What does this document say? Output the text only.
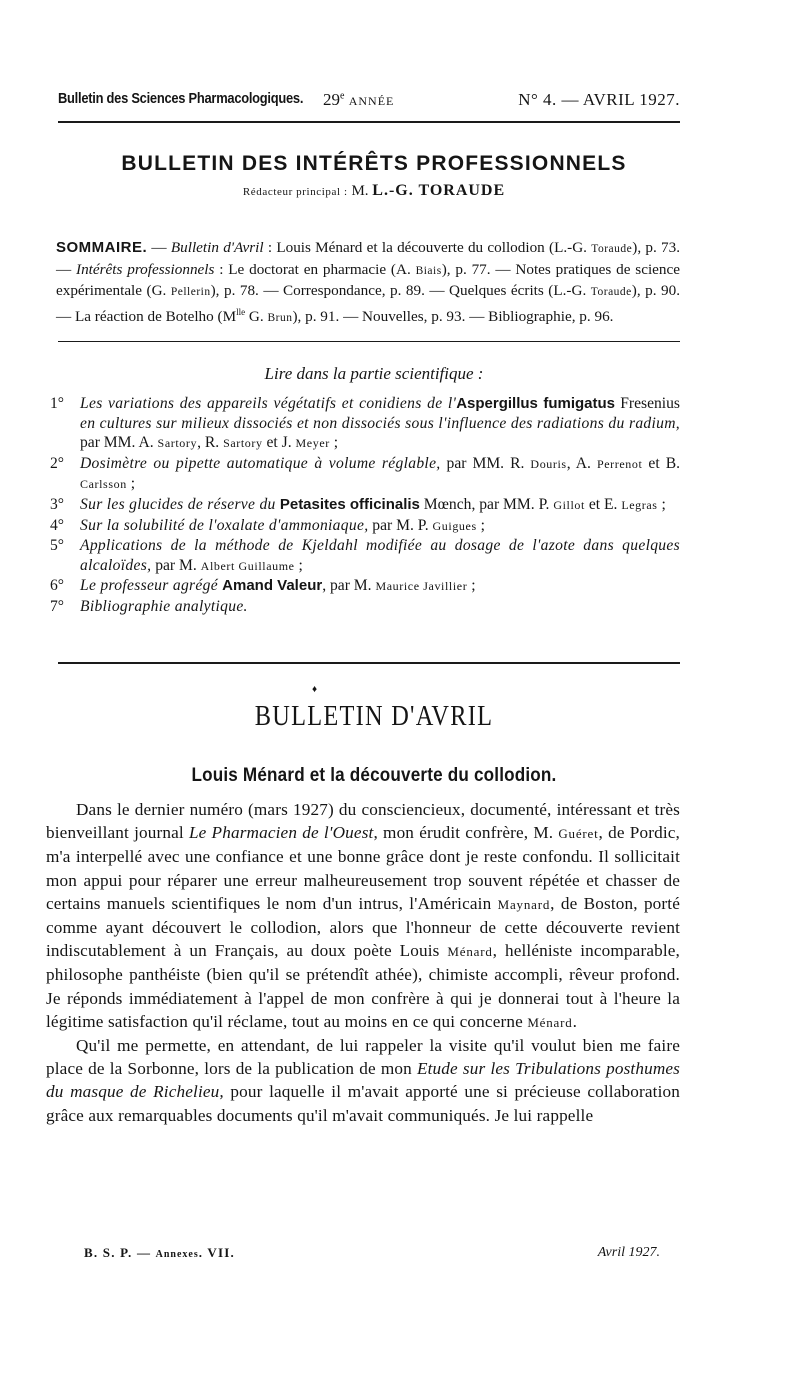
Bulletin des Sciences Pharmacologiques. 29e ANNÉE	N° 4. — AVRIL 1927.
BULLETIN DES INTÉRÊTS PROFESSIONNELS
Rédacteur principal : M. L.-G. TORAUDE
SOMMAIRE. — Bulletin d'Avril : Louis Ménard et la découverte du collodion (L.-G. Toraude), p. 73. — Intérêts professionnels : Le doctorat en pharmacie (A. Biais), p. 77. — Notes pratiques de science expérimentale (G. Pellerin), p. 78. — Correspondance, p. 89. — Quelques écrits (L.-G. Toraude), p. 90. — La réaction de Botelho ($M^{lle}$ G. Brun), p. 91. — Nouvelles, p. 93. — Bibliographie, p. 96.
Lire dans la partie scientifique :
1° Les variations des appareils végétatifs et conidiens de l'Aspergillus fumigatus Fresenius en cultures sur milieux dissociés et non dissociés sous l'influence des radiations du radium, par MM. A. Sartory, R. Sartory et J. Meyer ;
2° Dosimètre ou pipette automatique à volume réglable, par MM. R. Douris, A. Perrenot et B. Carlsson ;
3° Sur les glucides de réserve du Petasites officinalis Mœnch, par MM. P. Gillot et E. Legras ;
4° Sur la solubilité de l'oxalate d'ammoniaque, par M. P. Guigues ;
5° Applications de la méthode de Kjeldahl modifiée au dosage de l'azote dans quelques alcaloïdes, par M. Albert Guillaume ;
6° Le professeur agrégé Amand Valeur, par M. Maurice Javillier ;
7° Bibliographie analytique.
♦
BULLETIN D'AVRIL
Louis Ménard et la découverte du collodion.

Dans le dernier numéro (mars 1927) du consciencieux, documenté, intéressant et très bienveillant journal Le Pharmacien de l'Ouest, mon érudit confrère, M. Guéret, de Pordic, m'a interpellé avec une confiance et une bonne grâce dont je reste confondu. Il sollicitait mon appui pour réparer une erreur malheureusement trop souvent répétée et chasser de certains manuels scientifiques le nom d'un intrus, l'Américain Maynard, de Boston, porté comme ayant découvert le collodion, alors que l'honneur de cette découverte revient indiscutablement à un Français, au doux poète Louis Ménard, helléniste incomparable, philosophe panthéiste (bien qu'il se prétendît athée), chimiste accompli, rêveur profond. Je réponds immédiatement à l'appel de mon confrère à qui je donnerai tout à l'heure la légitime satisfaction qu'il réclame, tout au moins en ce qui concerne Ménard.

Qu'il me permette, en attendant, de lui rappeler la visite qu'il voulut bien me faire place de la Sorbonne, lors de la publication de mon Etude sur les Tribulations posthumes du masque de Richelieu, pour laquelle il m'avait apporté une si précieuse collaboration grâce aux remarquables documents qu'il m'avait communiqués. Je lui rappelle

B. S. P. — Annexes. VII.	Avril 1927.
